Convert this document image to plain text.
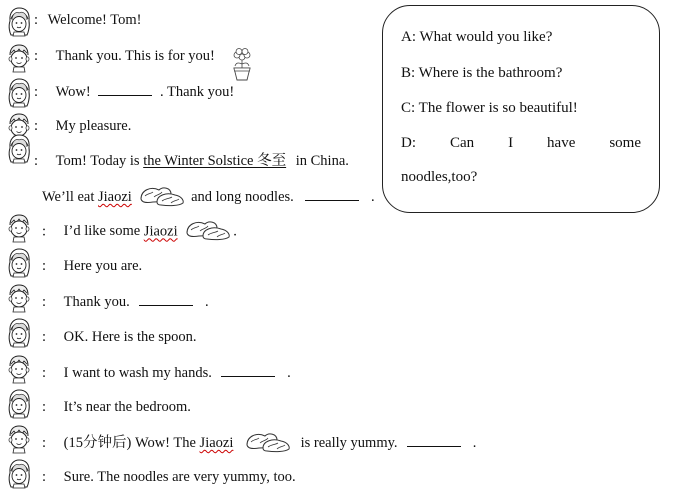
: Welcome! Tom!
: Thank you. This is for you!
: Wow!	. Thank you!
: My pleasure.
: Tom! Today is the Winter Solstice 冬至 in China.
We’ll eat Jiaozi	and long noodles.	.
: I’d like some Jiaozi	.
: Here you are.
: Thank you.	.
: OK. Here is the spoon.
: I want to wash my hands.	.
: It’s near the bedroom.
: (15分钟后) Wow! The Jiaozi	is really yummy.	.
: Sure. The noodles are very yummy, too.
A: What would you like?
B: Where is the bathroom?
C: The flower is so beautiful!
D: Can I have some
noodles,too?
